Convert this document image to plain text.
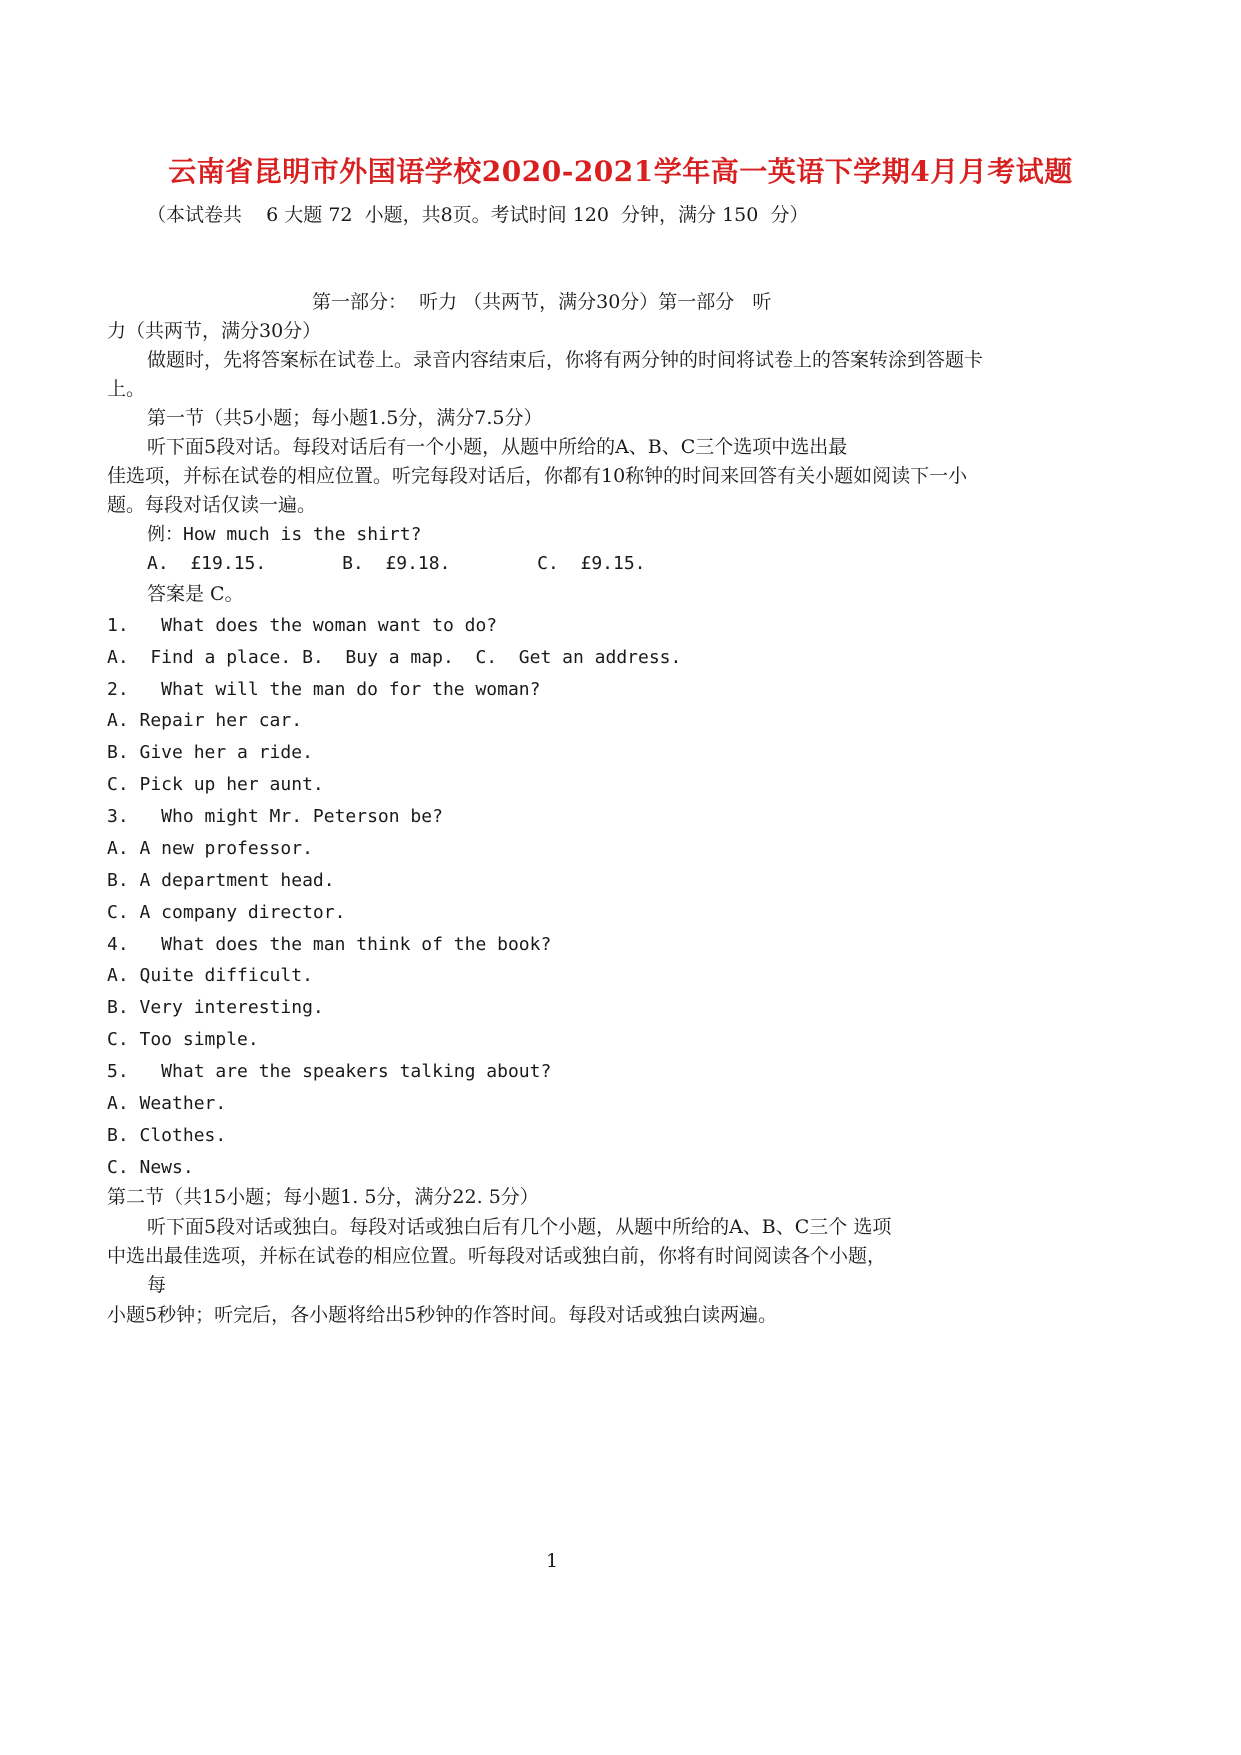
云南省昆明市外国语学校2020-2021学年高一英语下学期4月月考试题
（本试卷共    6 大题 72  小题，共8页。考试时间 120  分钟，满分 150  分）
第一部分：  听力 （共两节，满分30分）第一部分   听
力（共两节，满分30分）
做题时，先将答案标在试卷上。录音内容结束后，你将有两分钟的时间将试卷上的答案转涂到答题卡
上。
第一节（共5小题；每小题1.5分，满分7.5分）
听下面5段对话。每段对话后有一个小题，从题中所给的A、B、C三个选项中选出最
佳选项，并标在试卷的相应位置。听完每段对话后，你都有10称钟的时间来回答有关小题如阅读下一小
题。每段对话仅读一遍。
例：How much is the shirt?
A.  £19.15.       B.  £9.18.        C.  £9.15.
答案是 C。
1.   What does the woman want to do?
A.  Find a place. B.  Buy a map.  C.  Get an address.
2.   What will the man do for the woman?
A. Repair her car.
B. Give her a ride.
C. Pick up her aunt.
3.   Who might Mr. Peterson be?
A. A new professor.
B. A department head.
C. A company director.
4.   What does the man think of the book?
A. Quite difficult.
B. Very interesting.
C. Too simple.
5.   What are the speakers talking about?
A. Weather.
B. Clothes.
C. News.
第二节（共15小题；每小题1. 5分，满分22. 5分）
听下面5段对话或独白。每段对话或独白后有几个小题，从题中所给的A、B、C三个 选项
中选出最佳选项，并标在试卷的相应位置。听每段对话或独白前，你将有时间阅读各个小题，
每
小题5秒钟；听完后，各小题将给出5秒钟的作答时间。每段对话或独白读两遍。
1
